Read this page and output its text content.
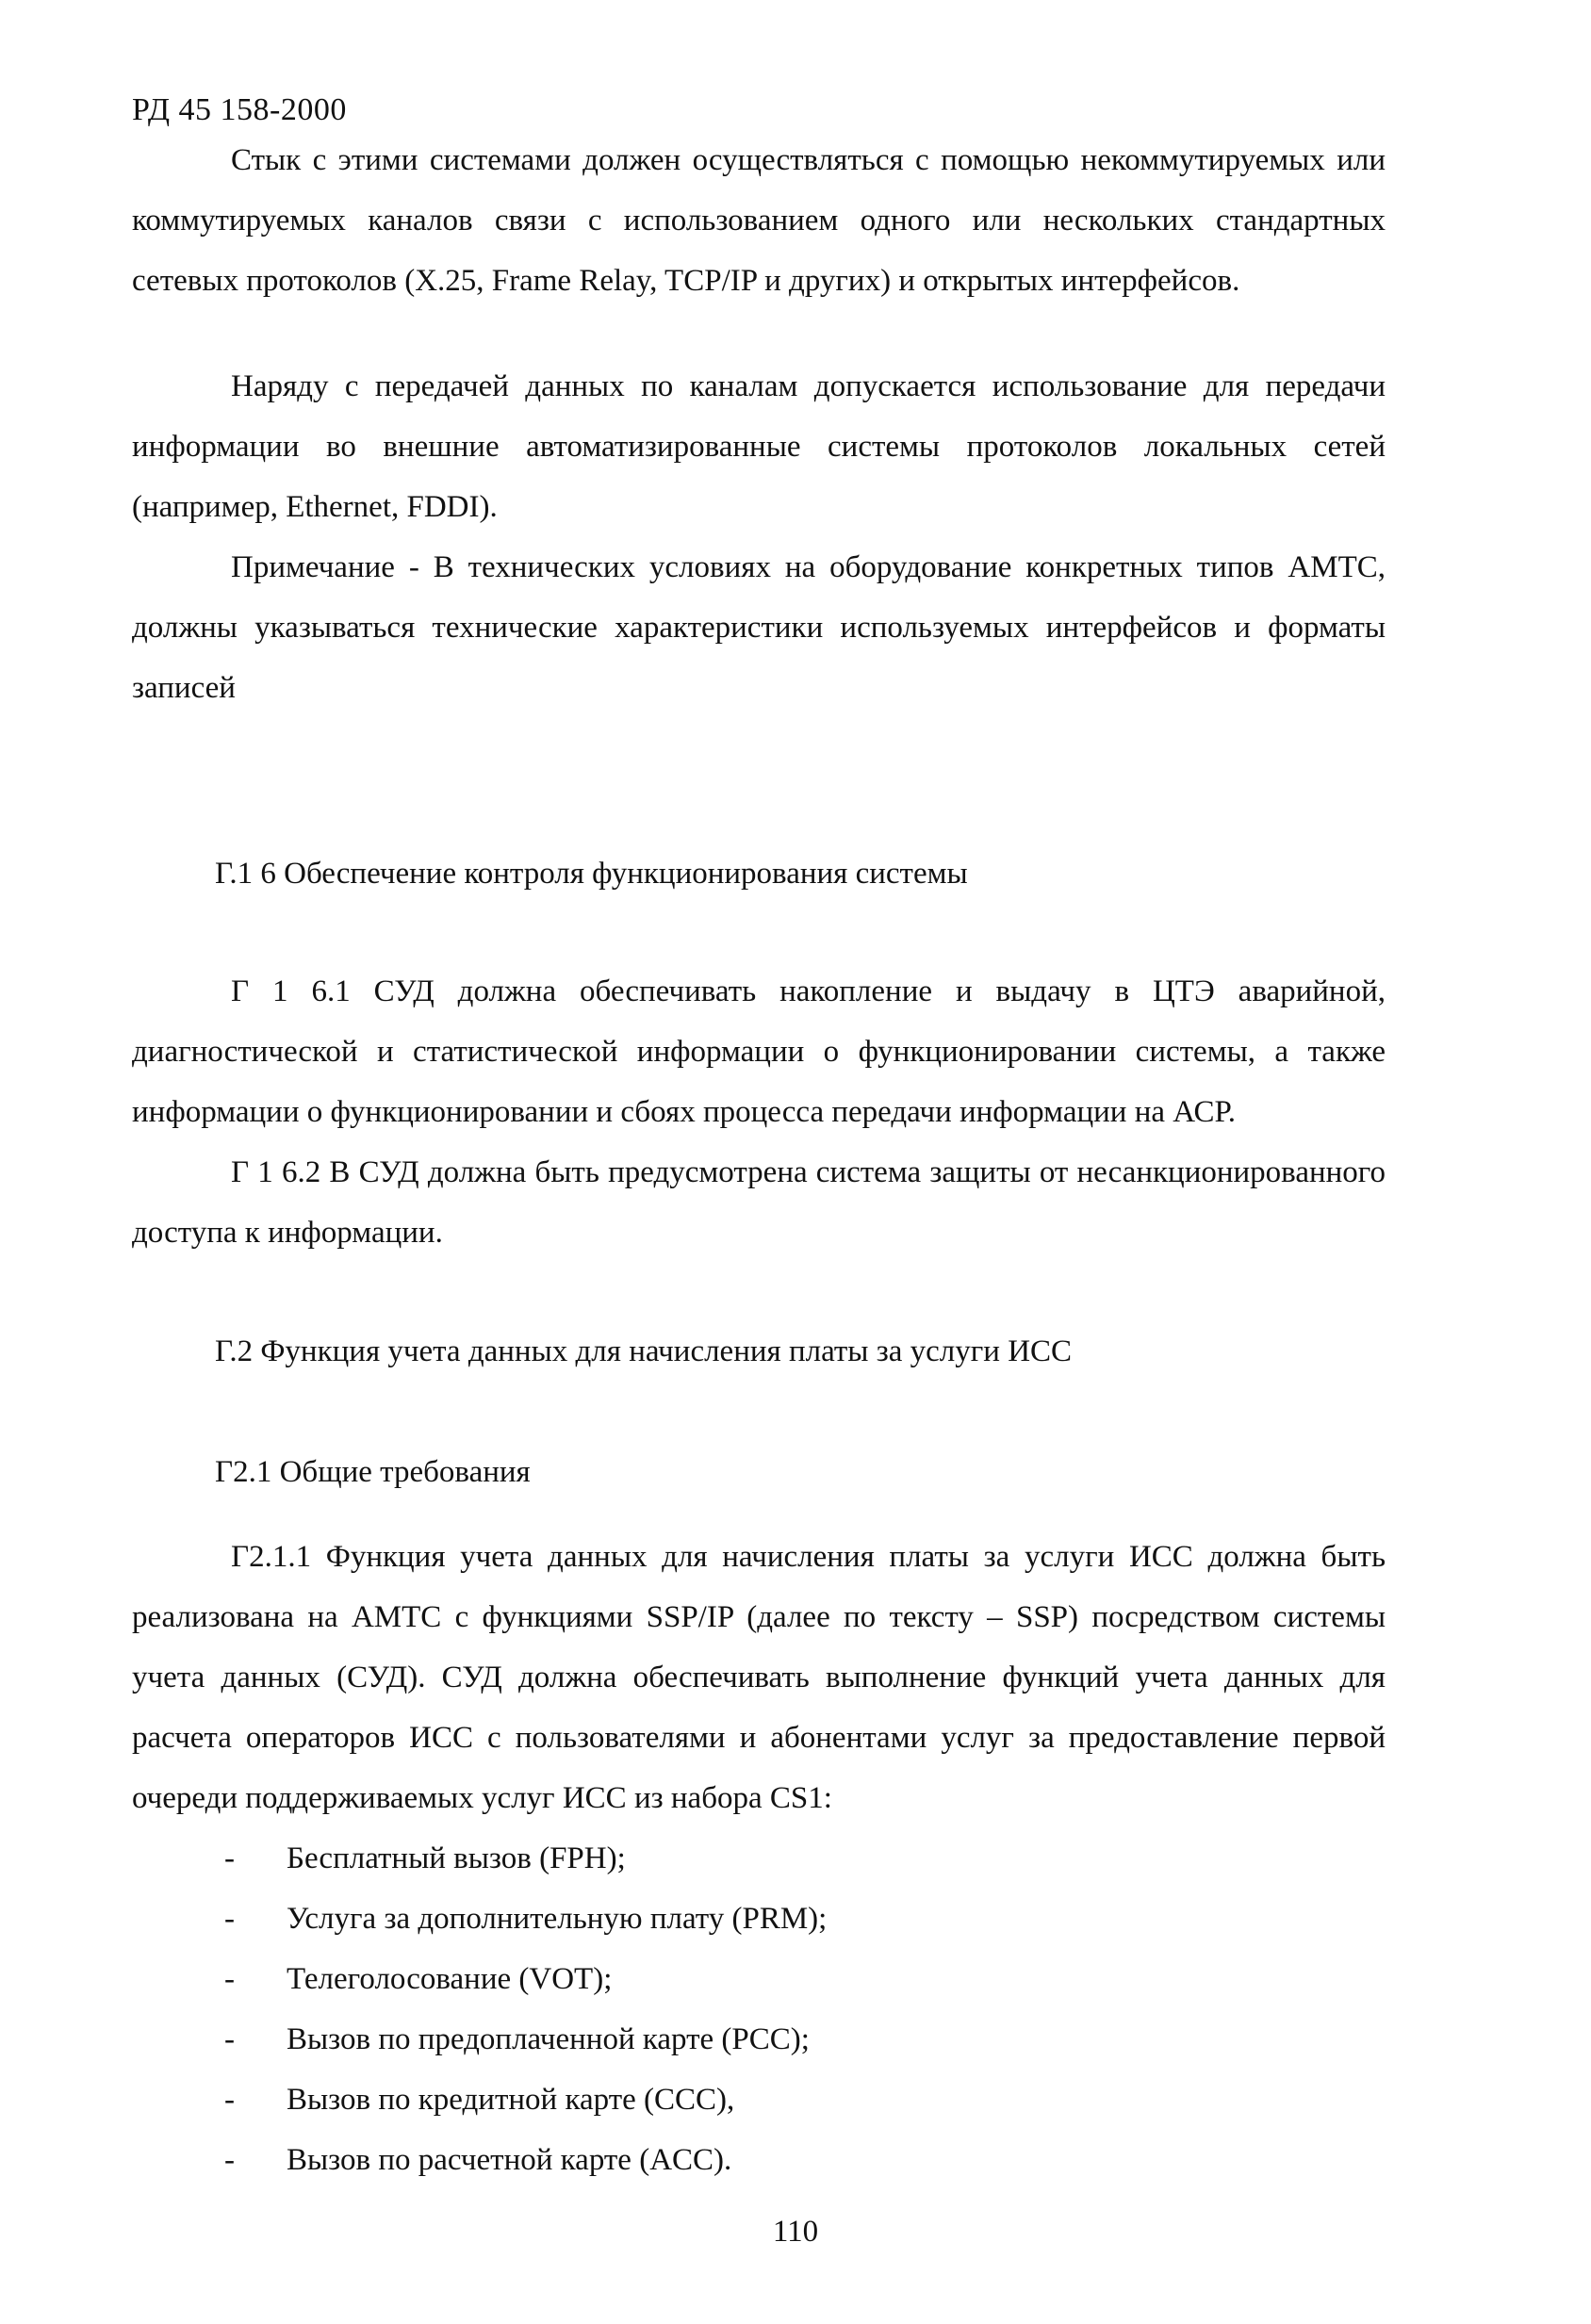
РД 45 158-2000

Стык с этими системами должен осуществляться с помощью некоммутируемых или коммутируемых каналов связи с использованием одного или нескольких стандартных сетевых протоколов (X.25, Frame Relay, TCP/IP и других) и открытых интерфейсов.

Наряду с передачей данных по каналам допускается использование для передачи информации во внешние автоматизированные системы протоколов локальных сетей (например, Ethernet, FDDI).

Примечание - В технических условиях на оборудование конкретных типов АМТС, должны указываться технические характеристики используемых интерфейсов и форматы записей

Г.1 6 Обеспечение контроля функционирования системы

Г 1 6.1 СУД должна обеспечивать накопление и выдачу в ЦТЭ аварийной, диагностической и статистической информации о функционировании системы, а также информации о функционировании и сбоях процесса передачи информации на АСР.

Г 1 6.2 В СУД должна быть предусмотрена система защиты от несанкционированного доступа к информации.

Г.2 Функция учета данных для начисления платы за услуги ИСС

Г2.1 Общие требования

Г2.1.1 Функция учета данных для начисления платы за услуги ИСС должна быть реализована на АМТС с функциями SSP/IP (далее по тексту – SSP) посредством системы учета данных (СУД). СУД должна обеспечивать выполнение функций учета данных для расчета операторов ИСС с пользователями и абонентами услуг за предоставление первой очереди поддерживаемых услуг ИСС из набора CS1:

- Бесплатный вызов (FPH);
- Услуга за дополнительную плату (PRM);
- Телеголосование (VOT);
- Вызов по предоплаченной карте (PCC);
- Вызов по кредитной карте (CCC),
- Вызов по расчетной карте (ACC).
110
